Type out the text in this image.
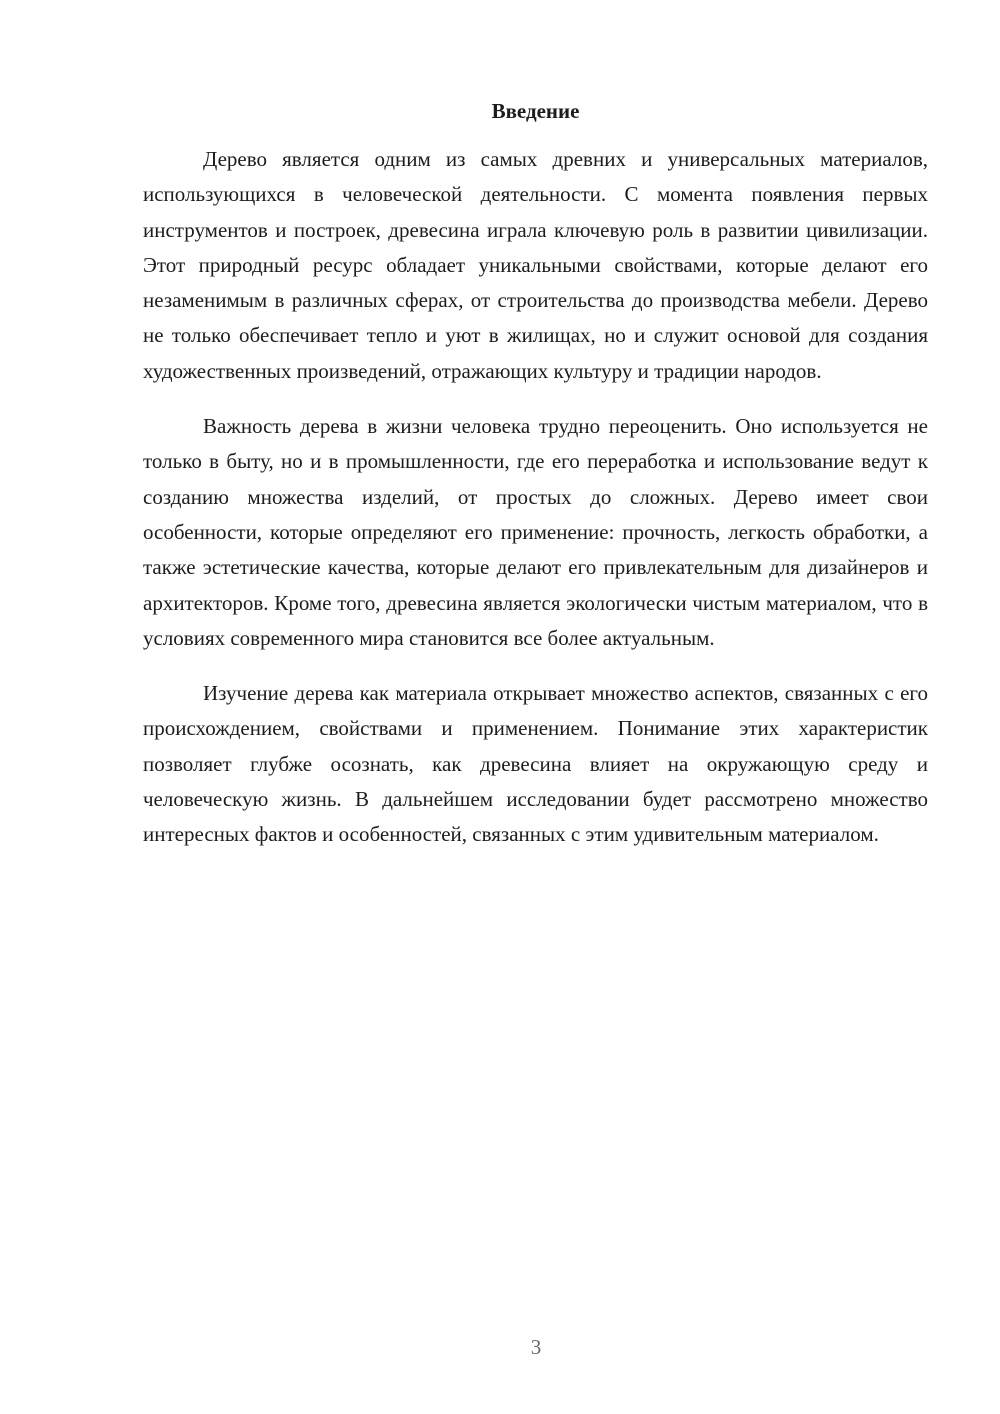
Введение

Дерево является одним из самых древних и универсальных материалов, использующихся в человеческой деятельности. С момента появления первых инструментов и построек, древесина играла ключевую роль в развитии цивилизации. Этот природный ресурс обладает уникальными свойствами, которые делают его незаменимым в различных сферах, от строительства до производства мебели. Дерево не только обеспечивает тепло и уют в жилищах, но и служит основой для создания художественных произведений, отражающих культуру и традиции народов.

Важность дерева в жизни человека трудно переоценить. Оно используется не только в быту, но и в промышленности, где его переработка и использование ведут к созданию множества изделий, от простых до сложных. Дерево имеет свои особенности, которые определяют его применение: прочность, легкость обработки, а также эстетические качества, которые делают его привлекательным для дизайнеров и архитекторов. Кроме того, древесина является экологически чистым материалом, что в условиях современного мира становится все более актуальным.

Изучение дерева как материала открывает множество аспектов, связанных с его происхождением, свойствами и применением. Понимание этих характеристик позволяет глубже осознать, как древесина влияет на окружающую среду и человеческую жизнь. В дальнейшем исследовании будет рассмотрено множество интересных фактов и особенностей, связанных с этим удивительным материалом.

3
